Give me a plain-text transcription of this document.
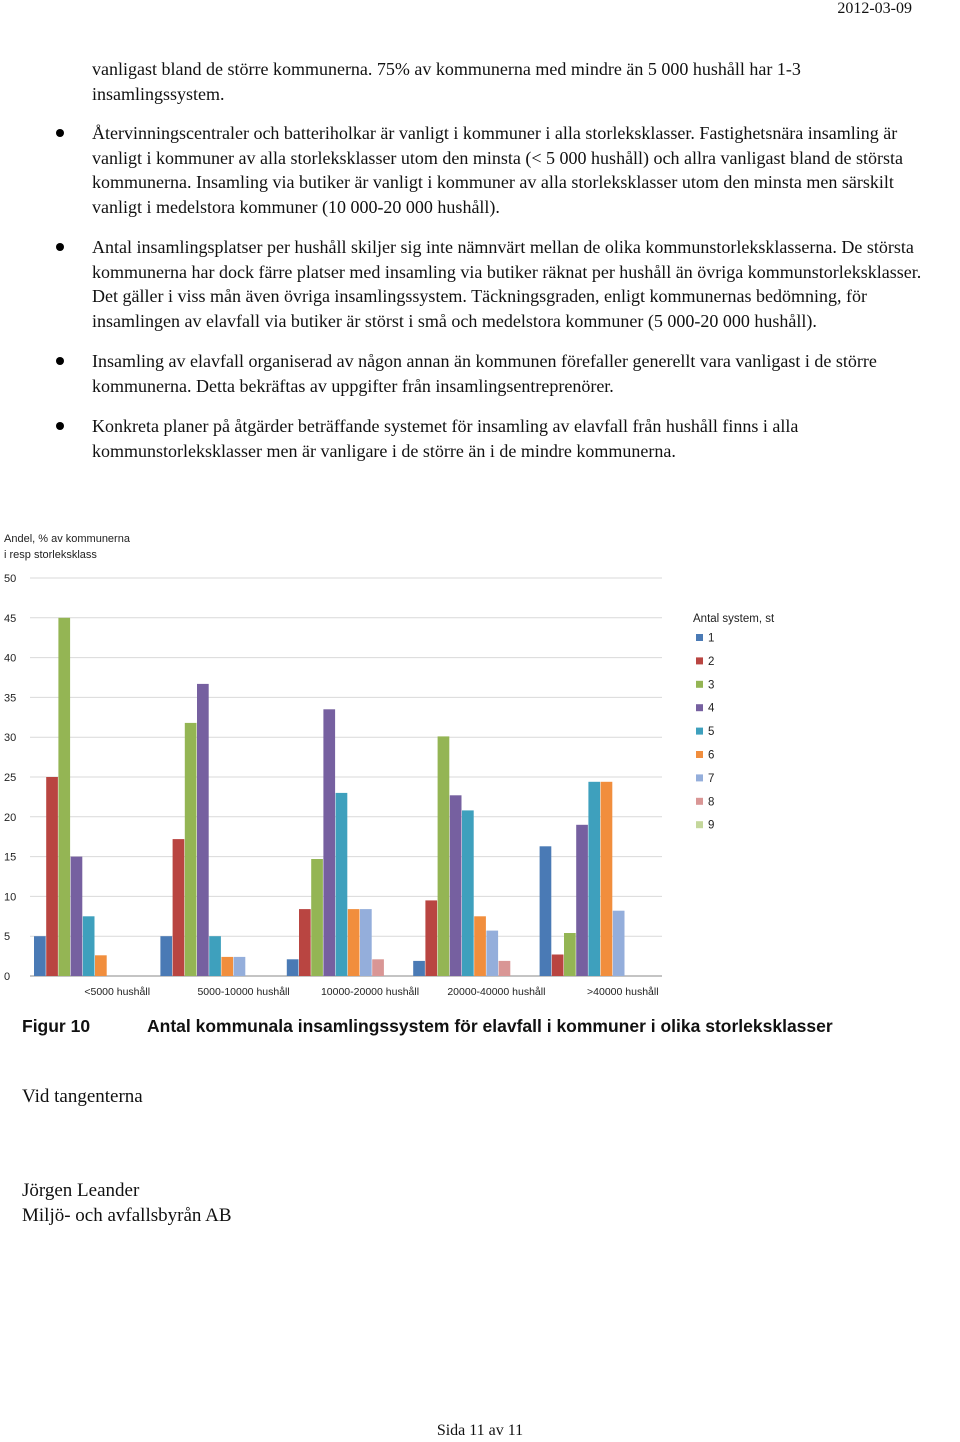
2012-03-09

vanligast bland de större kommunerna. 75% av kommunerna med mindre än 5 000 hushåll har 1-3 insamlingssystem.

Återvinningscentraler och batteriholkar är vanligt i kommuner i alla storleksklasser. Fastighetsnära insamling är vanligt i kommuner av alla storleksklasser utom den minsta (< 5 000 hushåll) och allra vanligast bland de största kommunerna. Insamling via butiker är vanligt i kommuner av alla storleksklasser utom den minsta men särskilt vanligt i medelstora kommuner (10 000-20 000 hushåll).
Antal insamlingsplatser per hushåll skiljer sig inte nämnvärt mellan de olika kommunstorleksklasserna. De största kommunerna har dock färre platser med insamling via butiker räknat per hushåll än övriga kommunstorleksklasser. Det gäller i viss mån även övriga insamlingssystem. Täckningsgraden, enligt kommunernas bedömning, för insamlingen av elavfall via butiker är störst i små och medelstora kommuner (5 000-20 000 hushåll).
Insamling av elavfall organiserad av någon annan än kommunen förefaller generellt vara vanligast i de större kommunerna. Detta bekräftas av uppgifter från insamlingsentreprenörer.
Konkreta planer på åtgärder beträffande systemet för insamling av elavfall från hushåll finns i alla kommunstorleksklasser men är vanligare i de större än i de mindre kommunerna.
Andel, % av kommunerna
i resp storleksklass
0
5
10
15
20
25
30
35
40
45
50
<5000 hushåll	5000-10000 hushåll	10000-20000 hushåll	20000-40000 hushåll	>40000 hushåll
Antal system, st
1
2
3
4
5
6
7
8
9
Figur 10	Antal kommunala insamlingssystem för elavfall i kommuner i olika storleksklasser
Vid tangenterna
Jörgen Leander
Miljö- och avfallsbyrån AB
Sida 11 av 11
